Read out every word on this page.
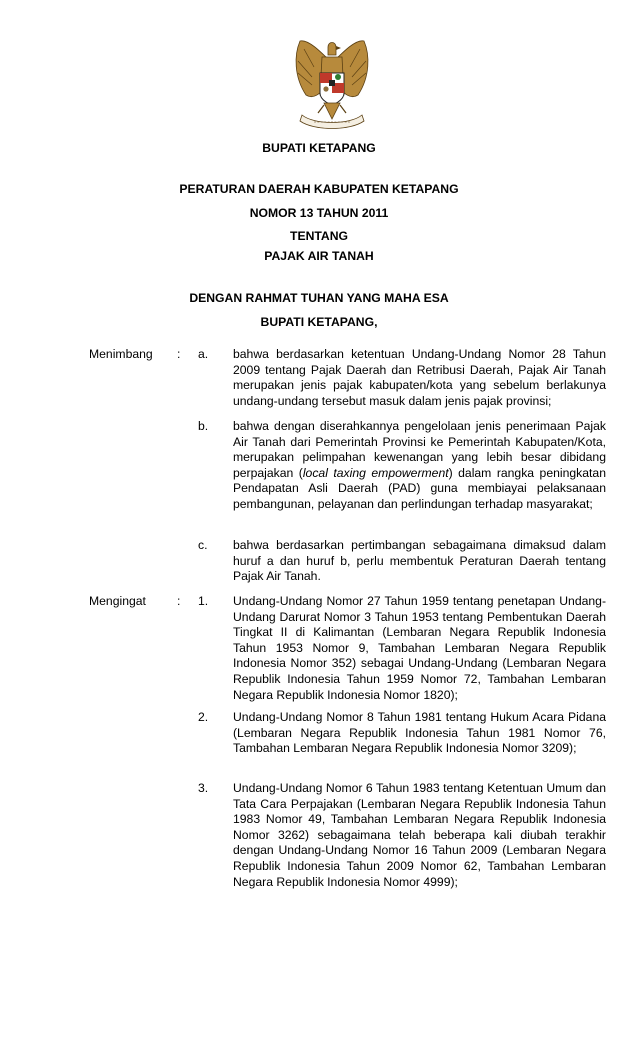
BUPATI KETAPANG
PERATURAN DAERAH KABUPATEN KETAPANG
NOMOR 13 TAHUN 2011
TENTANG
PAJAK AIR TANAH
DENGAN RAHMAT TUHAN YANG MAHA ESA
BUPATI KETAPANG,
Menimbang : a. bahwa berdasarkan ketentuan Undang-Undang Nomor 28 Tahun 2009 tentang Pajak Daerah dan Retribusi Daerah, Pajak Air Tanah merupakan jenis pajak kabupaten/kota yang sebelum berlakunya undang-undang tersebut masuk dalam jenis pajak provinsi;
b. bahwa dengan diserahkannya pengelolaan jenis penerimaan Pajak Air Tanah dari Pemerintah Provinsi ke Pemerintah Kabupaten/Kota, merupakan pelimpahan kewenangan yang lebih besar dibidang perpajakan (local taxing empowerment) dalam rangka peningkatan Pendapatan Asli Daerah (PAD) guna membiayai pelaksanaan pembangunan, pelayanan dan perlindungan terhadap masyarakat;
c. bahwa berdasarkan pertimbangan sebagaimana dimaksud dalam huruf a dan huruf b, perlu membentuk Peraturan Daerah tentang Pajak Air Tanah.
Mengingat	: 1. Undang-Undang Nomor 27 Tahun 1959 tentang penetapan Undang-Undang Darurat Nomor 3 Tahun 1953 tentang Pembentukan Daerah Tingkat II di Kalimantan (Lembaran Negara Republik Indonesia Tahun 1953 Nomor 9, Tambahan Lembaran Negara Republik Indonesia Nomor 352) sebagai Undang-Undang (Lembaran Negara Republik Indonesia Tahun 1959 Nomor 72, Tambahan Lembaran Negara Republik Indonesia Nomor 1820);
2. Undang-Undang Nomor 8 Tahun 1981 tentang Hukum Acara Pidana (Lembaran Negara Republik Indonesia Tahun 1981 Nomor 76, Tambahan Lembaran Negara Republik Indonesia Nomor 3209);
3. Undang-Undang Nomor 6 Tahun 1983 tentang Ketentuan Umum dan Tata Cara Perpajakan (Lembaran Negara Republik Indonesia Tahun 1983 Nomor 49, Tambahan Lembaran Negara Republik Indonesia Nomor 3262) sebagaimana telah beberapa kali diubah terakhir dengan Undang-Undang Nomor 16 Tahun 2009 (Lembaran Negara Republik Indonesia Tahun 2009 Nomor 62, Tambahan Lembaran Negara Republik Indonesia Nomor 4999);
